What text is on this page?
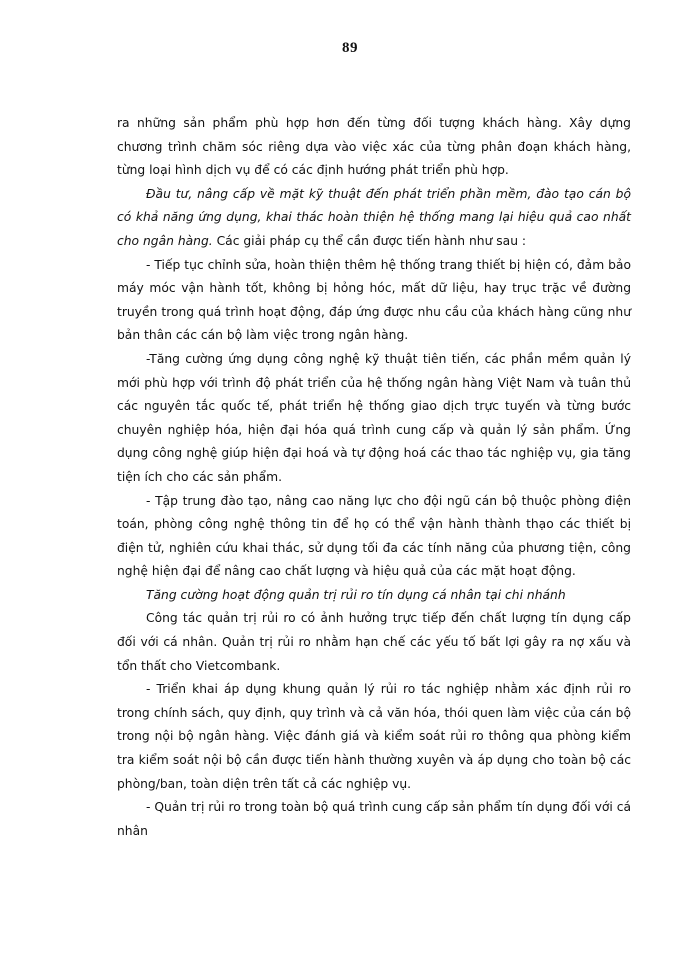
89

ra những sản phẩm phù hợp hơn đến từng đối tượng khách hàng. Xây dựng chương trình chăm sóc riêng dựa vào việc xác của từng phân đoạn khách hàng, từng loại hình dịch vụ để có các định hướng phát triển phù hợp.

Đầu tư, nâng cấp về mặt kỹ thuật đến phát triển phần mềm, đào tạo cán bộ có khả năng ứng dụng, khai thác hoàn thiện hệ thống mang lại hiệu quả cao nhất cho ngân hàng. Các giải pháp cụ thể cần được tiến hành như sau :

- Tiếp tục chỉnh sửa, hoàn thiện thêm hệ thống trang thiết bị hiện có, đảm bảo máy móc vận hành tốt, không bị hỏng hóc, mất dữ liệu, hay trục trặc về đường truyền trong quá trình hoạt động, đáp ứng được nhu cầu của khách hàng cũng như bản thân các cán bộ làm việc trong ngân hàng.

-Tăng cường ứng dụng công nghệ kỹ thuật tiên tiến, các phần mềm quản lý mới phù hợp với trình độ phát triển của hệ thống ngân hàng Việt Nam và tuân thủ các nguyên tắc quốc tế, phát triển hệ thống giao dịch trực tuyến và từng bước chuyên nghiệp hóa, hiện đại hóa quá trình cung cấp và quản lý sản phẩm. Ứng dụng công nghệ giúp hiện đại hoá và tự động hoá các thao tác nghiệp vụ, gia tăng tiện ích cho các sản phẩm.

- Tập trung đào tạo, nâng cao năng lực cho đội ngũ cán bộ thuộc phòng điện toán, phòng công nghệ thông tin để họ có thể vận hành thành thạo các thiết bị điện tử, nghiên cứu khai thác, sử dụng tối đa các tính năng của phương tiện, công nghệ hiện đại để nâng cao chất lượng và hiệu quả của các mặt hoạt động.

Tăng cường hoạt động quản trị rủi ro tín dụng cá nhân tại chi nhánh

Công tác quản trị rủi ro có ảnh hưởng trực tiếp đến chất lượng tín dụng cấp đối với cá nhân. Quản trị rủi ro nhằm hạn chế các yếu tố bất lợi gây ra nợ xấu và tổn thất cho Vietcombank.

- Triển khai áp dụng khung quản lý rủi ro tác nghiệp nhằm xác định rủi ro trong chính sách, quy định, quy trình và cả văn hóa, thói quen làm việc của cán bộ trong nội bộ ngân hàng. Việc đánh giá và kiểm soát rủi ro thông qua phòng kiểm tra kiểm soát nội bộ cần được tiến hành thường xuyên và áp dụng cho toàn bộ các phòng/ban, toàn diện trên tất cả các nghiệp vụ.

- Quản trị rủi ro trong toàn bộ quá trình cung cấp sản phẩm tín dụng đối với cá nhân
